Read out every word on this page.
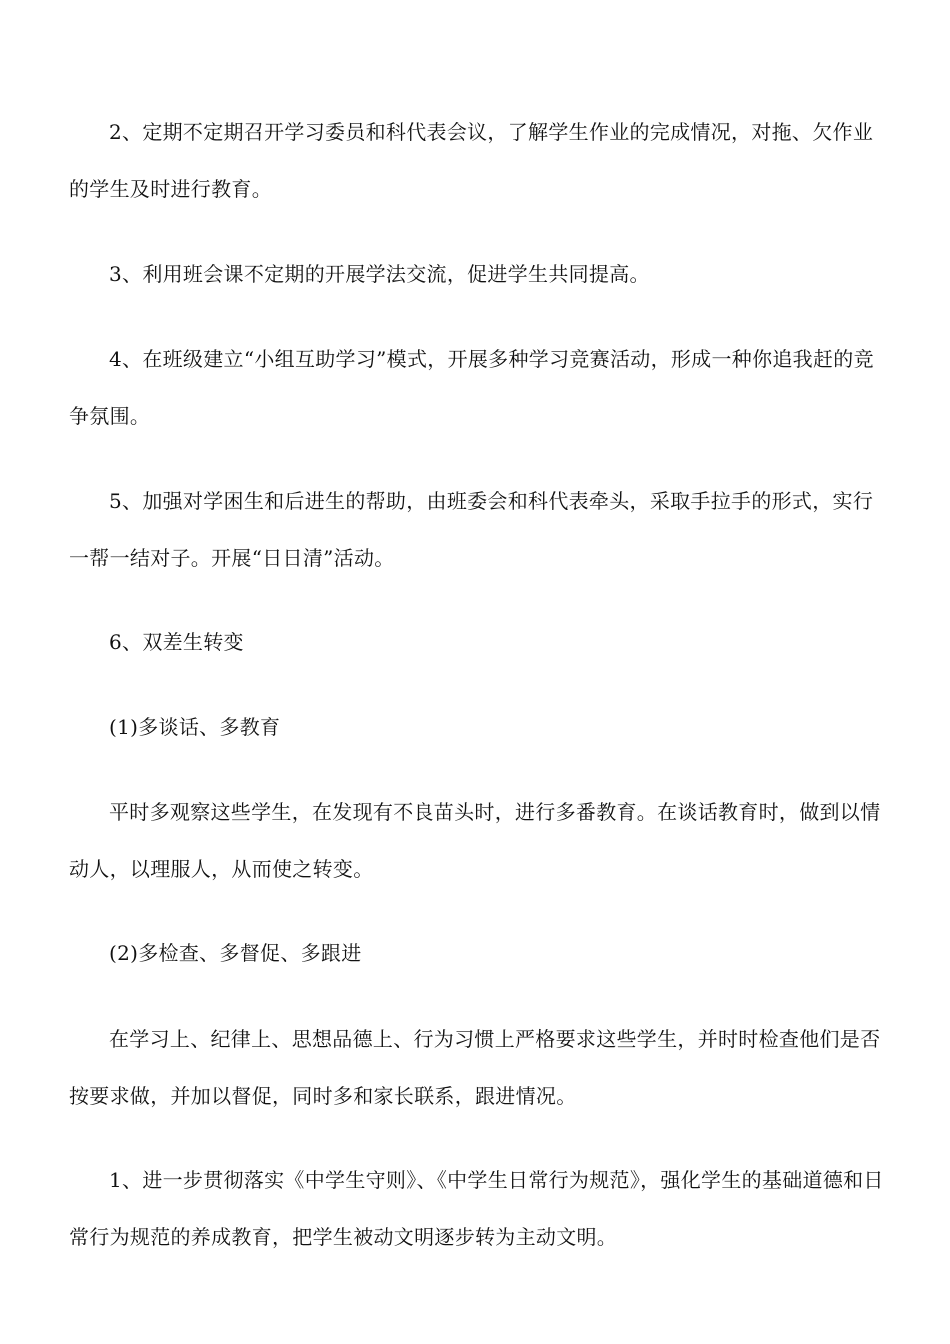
2、定期不定期召开学习委员和科代表会议，了解学生作业的完成情况，对拖、欠作业的学生及时进行教育。

3、利用班会课不定期的开展学法交流，促进学生共同提高。

4、在班级建立“小组互助学习”模式，开展多种学习竞赛活动，形成一种你追我赶的竞争氛围。

5、加强对学困生和后进生的帮助，由班委会和科代表牵头，采取手拉手的形式，实行一帮一结对子。开展“日日清”活动。

6、双差生转变

(1)多谈话、多教育

平时多观察这些学生，在发现有不良苗头时，进行多番教育。在谈话教育时，做到以情动人，以理服人，从而使之转变。

(2)多检查、多督促、多跟进

在学习上、纪律上、思想品德上、行为习惯上严格要求这些学生，并时时检查他们是否按要求做，并加以督促，同时多和家长联系，跟进情况。

1、进一步贯彻落实《中学生守则》、《中学生日常行为规范》，强化学生的基础道德和日常行为规范的养成教育，把学生被动文明逐步转为主动文明。
